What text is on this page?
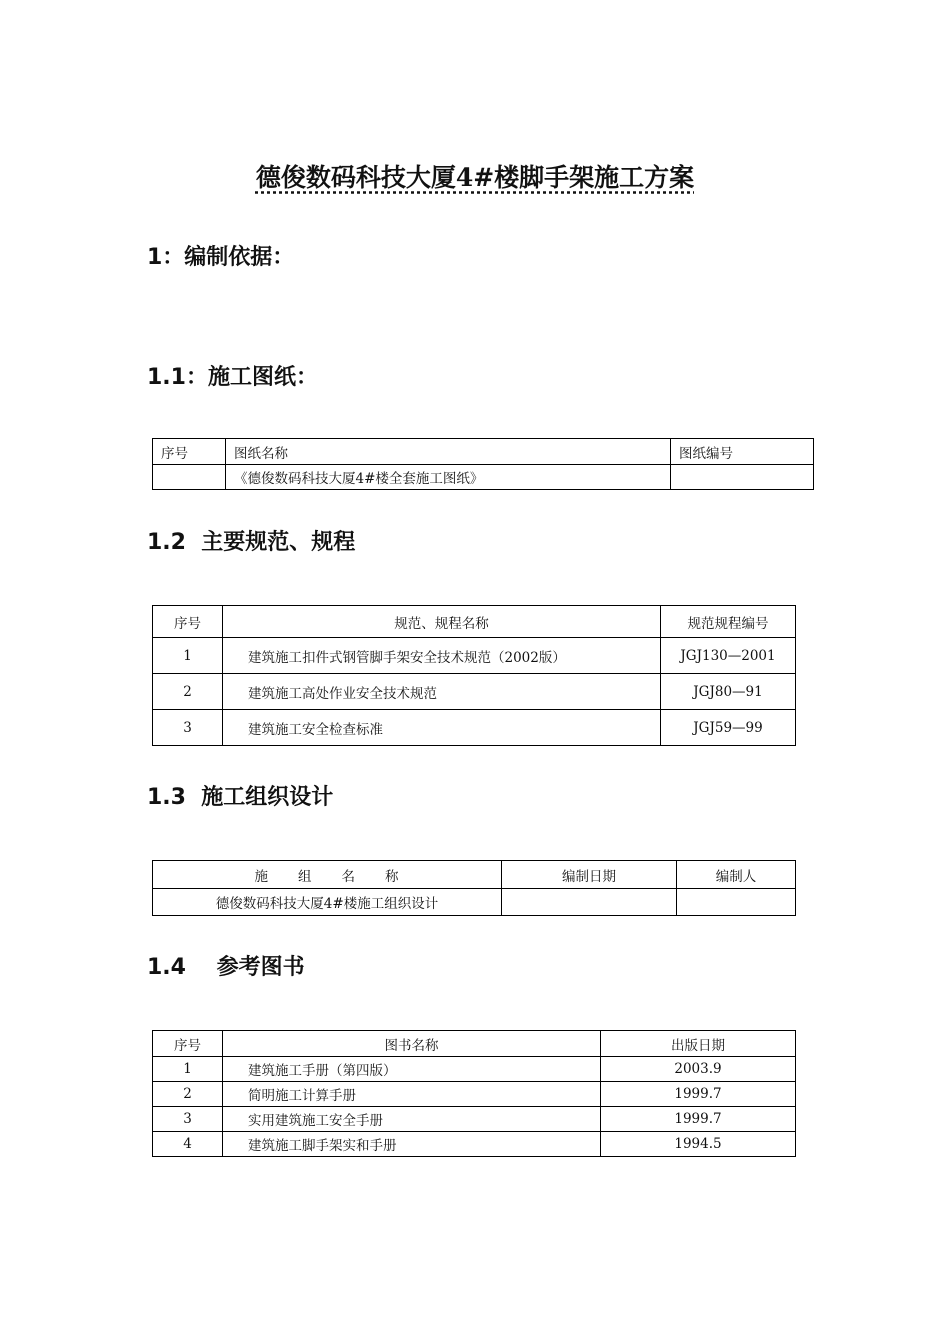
德俊数码科技大厦4#楼脚手架施工方案
1：编制依据：
1.1：施工图纸：
序号	图纸名称	图纸编号
	《德俊数码科技大厦4#楼全套施工图纸》	
1.2  主要规范、规程
序号	规范、规程名称	规范规程编号
1	建筑施工扣件式钢管脚手架安全技术规范（2002版）	JGJ130—2001
2	建筑施工高处作业安全技术规范	JGJ80—91
3	建筑施工安全检查标准	JGJ59—99
1.3  施工组织设计
施　　组　　名　　称	编制日期	编制人
德俊数码科技大厦4#楼施工组织设计		
1.4    参考图书
序号	图书名称	出版日期
1	建筑施工手册（第四版）	2003.9
2	简明施工计算手册	1999.7
3	实用建筑施工安全手册	1999.7
4	建筑施工脚手架实和手册	1994.5
